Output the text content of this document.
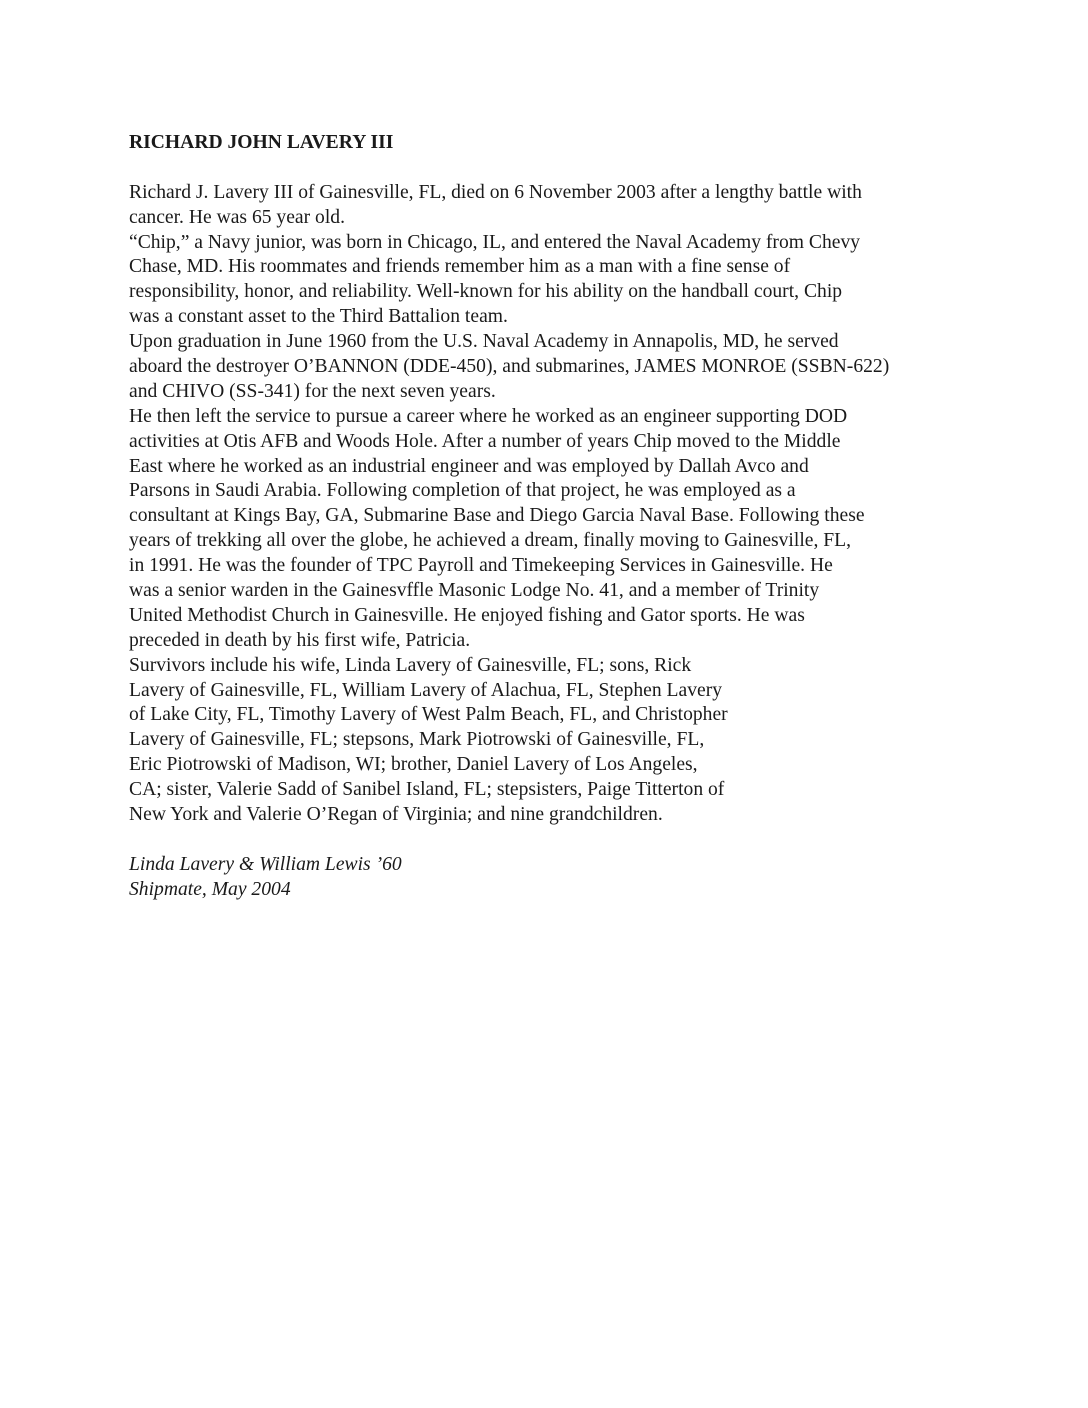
RICHARD JOHN LAVERY III

Richard J. Lavery III of Gainesville, FL, died on 6 November 2003 after a lengthy battle with

cancer. He was 65 year old.

“Chip,” a Navy junior, was born in Chicago, IL, and entered the Naval Academy from Chevy

Chase, MD. His roommates and friends remember him as a man with a fine sense of

responsibility, honor, and reliability. Well-known for his ability on the handball court, Chip

was a constant asset to the Third Battalion team.

Upon graduation in June 1960 from the U.S. Naval Academy in Annapolis, MD, he served

aboard the destroyer O’BANNON (DDE-450), and submarines, JAMES MONROE (SSBN-622)

and CHIVO (SS-341) for the next seven years.

He then left the service to pursue a career where he worked as an engineer supporting DOD

activities at Otis AFB and Woods Hole. After a number of years Chip moved to the Middle

East where he worked as an industrial engineer and was employed by Dallah Avco and

Parsons in Saudi Arabia. Following completion of that project, he was employed as a

consultant at Kings Bay, GA, Submarine Base and Diego Garcia Naval Base. Following these

years of trekking all over the globe, he achieved a dream, finally moving to Gainesville, FL,

in 1991. He was the founder of TPC Payroll and Timekeeping Services in Gainesville. He

was a senior warden in the Gainesvffle Masonic Lodge No. 41, and a member of Trinity

United Methodist Church in Gainesville. He enjoyed fishing and Gator sports. He was

preceded in death by his first wife, Patricia.

Survivors include his wife, Linda Lavery of Gainesville, FL; sons, Rick

Lavery of Gainesville, FL, William Lavery of Alachua, FL, Stephen Lavery

of Lake City, FL, Timothy Lavery of West Palm Beach, FL, and Christopher

Lavery of Gainesville, FL; stepsons, Mark Piotrowski of Gainesville, FL,

Eric Piotrowski of Madison, WI; brother, Daniel Lavery of Los Angeles,

CA; sister, Valerie Sadd of Sanibel Island, FL; stepsisters, Paige Titterton of

New York and Valerie O’Regan of Virginia; and nine grandchildren.

Linda Lavery & William Lewis ’60

Shipmate, May 2004
